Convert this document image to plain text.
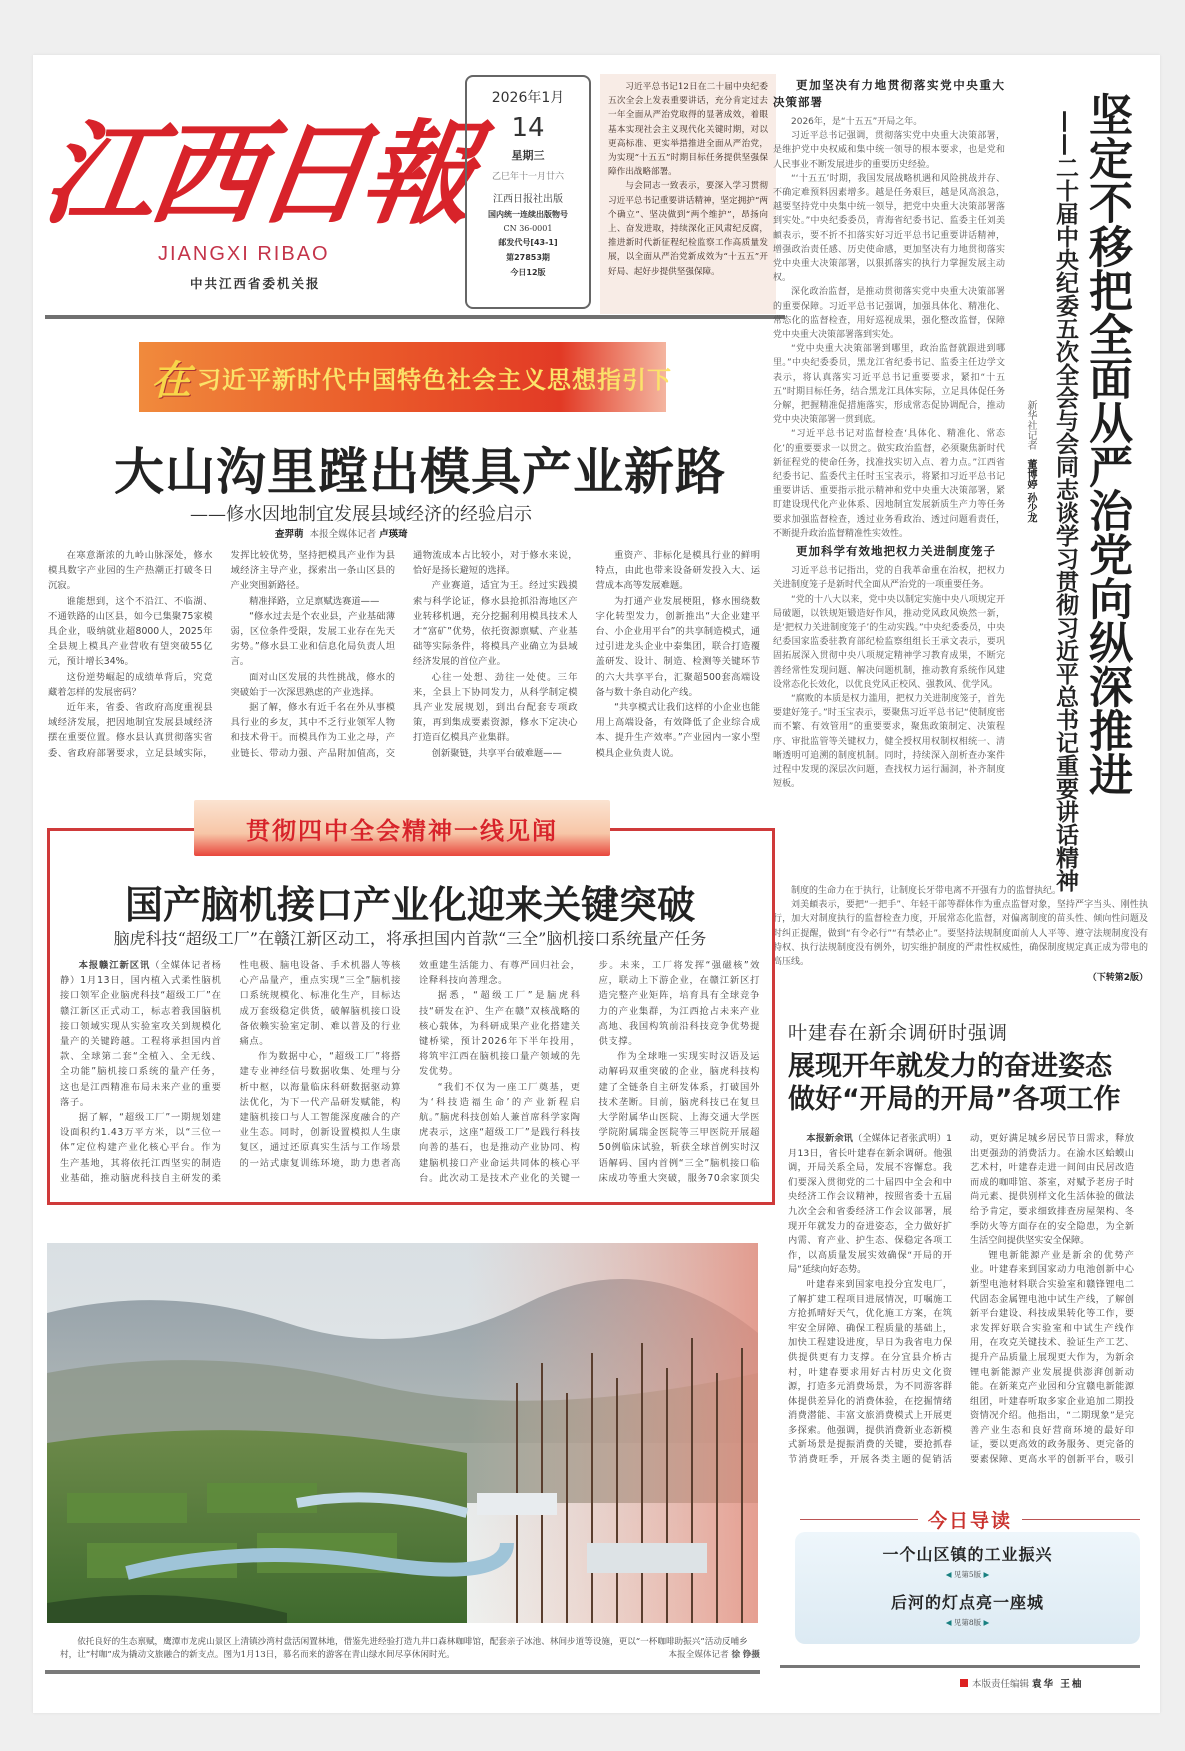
江西日報
JIANGXI RIBAO
中共江西省委机关报
2026年1月
14
星期三
乙巳年十一月廿六
江西日报社出版
国内统一连续出版物号
CN 36-0001
邮发代号[43-1]
第27853期
今日12版

习近平总书记12日在二十届中央纪委五次全会上发表重要讲话，充分肯定过去一年全面从严治党取得的显著成效，着眼基本实现社会主义现代化关键时期，对以更高标准、更实举措推进全面从严治党，为实现“十五五”时期目标任务提供坚强保障作出战略部署。

与会同志一致表示，要深入学习贯彻习近平总书记重要讲话精神，坚定拥护“两个确立”、坚决做到“两个维护”，昂扬向上、奋发进取，持续深化正风肃纪反腐，推进新时代新征程纪检监察工作高质量发展，以全面从严治党新成效为“十五五”开好局、起好步提供坚强保障。

更加坚决有力地贯彻落实党中央重大决策部署

2026年，是“十五五”开局之年。

习近平总书记强调，贯彻落实党中央重大决策部署，是维护党中央权威和集中统一领导的根本要求，也是党和人民事业不断发展进步的重要历史经验。

“‘十五五’时期，我国发展战略机遇和风险挑战并存、不确定难预料因素增多。越是任务艰巨，越是风高浪急，越要坚持党中央集中统一领导，把党中央重大决策部署落到实处。”中央纪委委员，青海省纪委书记、监委主任刘美頔表示，要不折不扣落实好习近平总书记重要讲话精神，增强政治责任感、历史使命感，更加坚决有力地贯彻落实党中央重大决策部署，以狠抓落实的执行力掌握发展主动权。

深化政治监督，是推动贯彻落实党中央重大决策部署的重要保障。习近平总书记强调，加强具体化、精准化、常态化的监督检查，用好巡视成果，强化整改监督，保障党中央重大决策部署落到实处。

“党中央重大决策部署到哪里，政治监督就跟进到哪里。”中央纪委委员，黑龙江省纪委书记、监委主任边学文表示，将认真落实习近平总书记重要要求，紧扣“十五五”时期目标任务，结合黑龙江具体实际，立足具体促任务分解，把握精准促措施落实，形成常态促协调配合，推动党中央决策部署一贯到底。

“习近平总书记对监督检查‘具体化、精准化、常态化’的重要要求一以贯之。做实政治监督，必须聚焦新时代新征程党的使命任务，找准找实切入点、着力点。”江西省纪委书记、监委代主任时玉宝表示，将紧扣习近平总书记重要讲话、重要指示批示精神和党中央重大决策部署，紧盯建设现代化产业体系、因地制宜发展新质生产力等任务要求加强监督检查，透过业务看政治、透过问题看责任，不断提升政治监督精准性实效性。

更加科学有效地把权力关进制度笼子

习近平总书记指出，党的自我革命重在治权，把权力关进制度笼子是新时代全面从严治党的一项重要任务。

“党的十八大以来，党中央以制定实施中央八项规定开局破题，以铁规矩锻造好作风，推动党风政风焕然一新，是‘把权力关进制度笼子’的生动实践。”中央纪委委员，中央纪委国家监委驻教育部纪检监察组组长王承文表示，要巩固拓展深入贯彻中央八项规定精神学习教育成果，不断完善经常性发现问题、解决问题机制，推动教育系统作风建设常态化长效化，以优良党风正校风、强教风、优学风。

“腐败的本质是权力滥用，把权力关进制度笼子，首先要建好笼子。”时玉宝表示，要聚焦习近平总书记“使制度密而不繁、有效管用”的重要要求，聚焦政策制定、决策程序、审批监管等关键权力，健全授权用权制权相统一、清晰透明可追溯的制度机制。同时，持续深入剖析查办案件过程中发现的深层次问题，查找权力运行漏洞，补齐制度短板。

制度的生命力在于执行，让制度长牙带电离不开强有力的监督执纪。

刘美頔表示，要把“一把手”、年轻干部等群体作为重点监督对象，坚持严字当头、刚性执行，加大对制度执行的监督检查力度，开展常态化监督，对偏离制度的苗头性、倾向性问题及时纠正提醒，做到“有令必行”“有禁必止”。要坚持法规制度面前人人平等、遵守法规制度没有特权、执行法规制度没有例外，切实维护制度的严肃性权威性，确保制度规定真正成为带电的高压线。

（下转第2版）
坚定不移把全面从严治党向纵深推进
——二十届中央纪委五次全会与会同志谈学习贯彻习近平总书记重要讲话精神
新华社记者 董博婷 孙少龙
在 习近平新时代中国特色社会主义思想指引下
大山沟里蹚出模具产业新路
——修水因地制宜发展县域经济的经验启示
查羿萌 本报全媒体记者 卢瑛琦

在寒意渐浓的九岭山脉深处，修水模具数字产业园的生产热潮正打破冬日沉寂。

谁能想到，这个不沿江、不临湖、不通铁路的山区县，如今已集聚75家模具企业，吸纳就业超8000人，2025年全县规上模具产业营收有望突破55亿元，预计增长34%。

这份逆势崛起的成绩单背后，究竟藏着怎样的发展密码？

近年来，省委、省政府高度重视县域经济发展，把因地制宜发展县域经济摆在重要位置。修水县认真贯彻落实省委、省政府部署要求，立足县域实际，发挥比较优势，坚持把模具产业作为县域经济主导产业，探索出一条山区县的产业突围新路径。

精准择路，立足禀赋选赛道——

“修水过去是个农业县，产业基础薄弱，区位条件受限，发展工业存在先天劣势。”修水县工业和信息化局负责人坦言。

面对山区发展的共性挑战，修水的突破始于一次深思熟虑的产业选择。

据了解，修水有近千名在外从事模具行业的乡友，其中不乏行业领军人物和技术骨干。而模具作为工业之母，产业链长、带动力强、产品附加值高，交通物流成本占比较小，对于修水来说，恰好是扬长避短的选择。

产业赛道，适宜为王。经过实践摸索与科学论证，修水县抢抓沿海地区产业转移机遇，充分挖掘利用模具技术人才“富矿”优势，依托资源禀赋、产业基础等实际条件，将模具产业确立为县域经济发展的首位产业。

心往一处想、劲往一处使。三年来，全县上下协同发力，从科学制定模具产业发展规划，到出台配套专项政策，再到集成要素资源，修水下定决心打造百亿模具产业集群。

创新聚链，共享平台破难题——

重资产、非标化是模具行业的鲜明特点，由此也带来设备研发投入大、运营成本高等发展难题。

为打通产业发展梗阻，修水围绕数字化转型发力，创新推出“大企业建平台、小企业用平台”的共享制造模式，通过引进龙头企业中泰集团，联合打造覆盖研发、设计、制造、检测等关键环节的六大共享平台，汇聚超500套高端设备与数十条自动化产线。

“共享模式让我们这样的小企业也能用上高端设备，有效降低了企业综合成本、提升生产效率。”产业园内一家小型模具企业负责人说。

贯彻四中全会精神一线见闻
国产脑机接口产业化迎来关键突破
脑虎科技“超级工厂”在赣江新区动工，将承担国内首款“三全”脑机接口系统量产任务

本报赣江新区讯（全媒体记者杨静）1月13日，国内植入式柔性脑机接口领军企业脑虎科技“超级工厂”在赣江新区正式动工，标志着我国脑机接口领域实现从实验室攻关到规模化量产的关键跨越。工程将承担国内首款、全球第二套“全植入、全无线、全功能”脑机接口系统的量产任务，这也是江西精准布局未来产业的重要落子。

据了解，“超级工厂”一期规划建设面积约1.43万平方米，以“三位一体”定位构建产业化核心平台。作为生产基地，其将依托江西坚实的制造业基础，推动脑虎科技自主研发的柔性电极、脑电设备、手术机器人等核心产品量产，重点实现“三全”脑机接口系统规模化、标准化生产，目标达成万套级稳定供货，破解脑机接口设备依赖实验室定制、难以普及的行业痛点。

作为数据中心，“超级工厂”将搭建专业神经信号数据收集、处理与分析中枢，以海量临床科研数据驱动算法优化，为下一代产品研发赋能，构建脑机接口与人工智能深度融合的产业生态。同时，创新设置模拟人生康复区，通过还原真实生活与工作场景的一站式康复训练环境，助力患者高效重建生活能力、有尊严回归社会，诠释科技向善理念。

据悉，“超级工厂”是脑虎科技“研发在沪、生产在赣”双核战略的核心载体，为科研成果产业化搭建关键桥梁，预计2026年下半年投用，将筑牢江西在脑机接口量产领域的先发优势。

“我们不仅为一座工厂奠基，更为‘科技造福生命’的产业新程启航。”脑虎科技创始人兼首席科学家陶虎表示，这座“超级工厂”是践行科技向善的基石，也是推动产业协同、构建脑机接口产业命运共同体的核心平台。此次动工是技术产业化的关键一步。未来，工厂将发挥“强磁核”效应，联动上下游企业，在赣江新区打造完整产业矩阵，培育具有全球竞争力的产业集群，为江西抢占未来产业高地、我国构筑前沿科技竞争优势提供支撑。

作为全球唯一实现实时汉语及运动解码双重突破的企业，脑虎科技构建了全链条自主研发体系，打破国外技术垄断。目前，脑虎科技已在复旦大学附属华山医院、上海交通大学医学院附属瑞金医院等三甲医院开展超50例临床试验，斩获全球首例实时汉语解码、国内首例“三全”脑机接口临床成功等重大突破，服务70余家顶尖

依托良好的生态禀赋，鹰潭市龙虎山景区上清镇沙湾村盘活闲置林地，借鉴先进经验打造九井口森林咖啡馆，配套亲子冰池、林间步道等设施，更以“一杯咖啡助振兴”活动反哺乡村，让“村咖”成为撬动文旅融合的新支点。图为1月13日，慕名而来的游客在青山绿水间尽享休闲时光。	本报全媒体记者 徐 铮摄
叶建春在新余调研时强调
展现开年就发力的奋进姿态 做好“开局的开局”各项工作

本报新余讯（全媒体记者张武明）1月13日，省长叶建春在新余调研。他强调，开局关系全局，发展不容懈怠。我们要深入贯彻党的二十届四中全会和中央经济工作会议精神，按照省委十五届九次全会和省委经济工作会议部署，展现开年就发力的奋进姿态，全力做好扩内需、育产业、护生态、保稳定各项工作，以高质量发展实效确保“开局的开局”延续向好态势。

叶建春来到国家电投分宜发电厂，了解扩建工程项目进展情况，叮嘱施工方抢抓晴好天气，优化施工方案，在筑牢安全屏障、确保工程质量的基础上，加快工程建设进度，早日为我省电力保供提供更有力支撑。在分宜县介桥古村，叶建春要求用好古村历史文化资源，打造多元消费场景，为不同游客群体提供差异化的消费体验，在挖掘情绪消费潜能、丰富文旅消费模式上开展更多探索。他强调，提供消费新业态新模式新场景是提振消费的关键，要抢抓春节消费旺季，开展各类主题的促销活动，更好满足城乡居民节日需求，释放出更强劲的消费活力。在渝水区蛤蟆山艺术村，叶建春走进一间间由民居改造而成的咖啡馆、茶室，对赋予老房子时尚元素、提供别样文化生活体验的做法给予肯定，要求细致排查房屋架构、冬季防火等方面存在的安全隐患，为全新生活空间提供坚实安全保障。

锂电新能源产业是新余的优势产业。叶建春来到国家动力电池创新中心新型电池材料联合实验室和赣锋锂电二代固态金属锂电池中试生产线，了解创新平台建设、科技成果转化等工作，要求发挥好联合实验室和中试生产线作用，在攻克关键技术、验证生产工艺、提升产品质量上展现更大作为，为新余锂电新能源产业发展提供澎湃创新动能。在新莱克产业园和分宜赣电新能源组团，叶建春听取多家企业追加二期投资情况介绍。他指出，“二期现象”是完善产业生态和良好营商环境的最好印证，要以更高效的政务服务、更完备的要素保障、更高水平的创新平台，吸引

今日导读
一个山区镇的工业振兴
◀ 见第5版 ▶
后河的灯点亮一座城
◀ 见第8版 ▶
本版责任编辑 袁华 王柚
